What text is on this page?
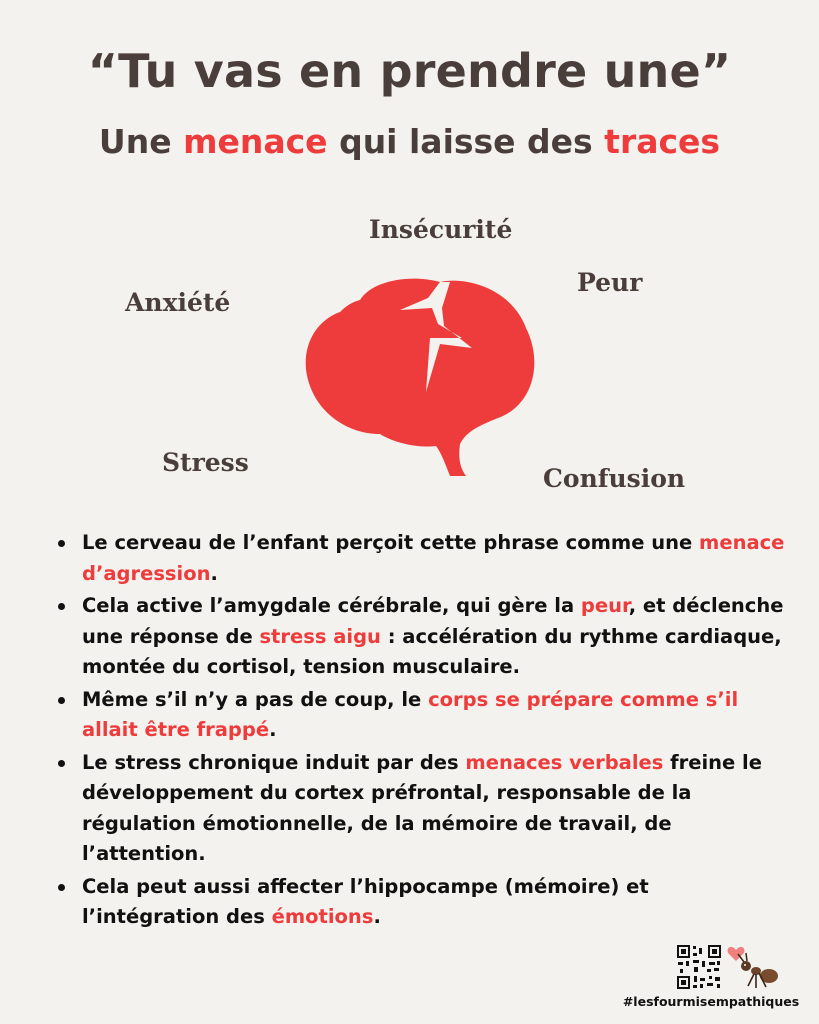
“Tu vas en prendre une”
Une menace qui laisse des traces
Insécurité
Peur
Anxiété
Stress
Confusion
Le cerveau de l’enfant perçoit cette phrase comme une menace d’agression.
Cela active l’amygdale cérébrale, qui gère la peur, et déclenche une réponse de stress aigu : accélération du rythme cardiaque, montée du cortisol, tension musculaire.
Même s’il n’y a pas de coup, le corps se prépare comme s’il allait être frappé.
Le stress chronique induit par des menaces verbales freine le développement du cortex préfrontal, responsable de la régulation émotionnelle, de la mémoire de travail, de l’attention.
Cela peut aussi affecter l’hippocampe (mémoire) et l’intégration des émotions.
#lesfourmisempathiques
